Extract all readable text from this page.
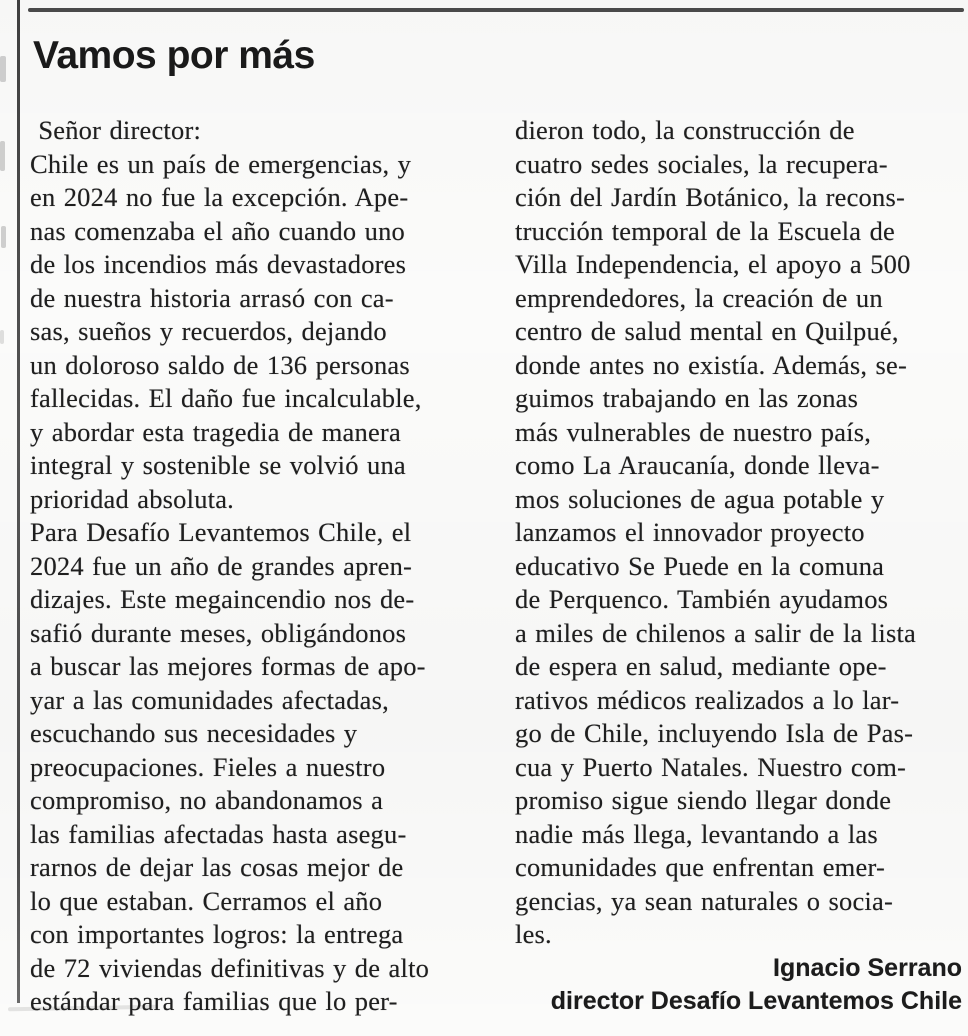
Vamos por más
Señor director:
Chile es un país de emergencias, y
en 2024 no fue la excepción. Ape-
nas comenzaba el año cuando uno
de los incendios más devastadores
de nuestra historia arrasó con ca-
sas, sueños y recuerdos, dejando
un doloroso saldo de 136 personas
fallecidas. El daño fue incalculable,
y abordar esta tragedia de manera
integral y sostenible se volvió una
prioridad absoluta.
Para Desafío Levantemos Chile, el
2024 fue un año de grandes apren-
dizajes. Este megaincendio nos de-
safió durante meses, obligándonos
a buscar las mejores formas de apo-
yar a las comunidades afectadas,
escuchando sus necesidades y
preocupaciones. Fieles a nuestro
compromiso, no abandonamos a
las familias afectadas hasta asegu-
rarnos de dejar las cosas mejor de
lo que estaban. Cerramos el año
con importantes logros: la entrega
de 72 viviendas definitivas y de alto
estándar para familias que lo per-
dieron todo, la construcción de
cuatro sedes sociales, la recupera-
ción del Jardín Botánico, la recons-
trucción temporal de la Escuela de
Villa Independencia, el apoyo a 500
emprendedores, la creación de un
centro de salud mental en Quilpué,
donde antes no existía. Además, se-
guimos trabajando en las zonas
más vulnerables de nuestro país,
como La Araucanía, donde lleva-
mos soluciones de agua potable y
lanzamos el innovador proyecto
educativo Se Puede en la comuna
de Perquenco. También ayudamos
a miles de chilenos a salir de la lista
de espera en salud, mediante ope-
rativos médicos realizados a lo lar-
go de Chile, incluyendo Isla de Pas-
cua y Puerto Natales. Nuestro com-
promiso sigue siendo llegar donde
nadie más llega, levantando a las
comunidades que enfrentan emer-
gencias, ya sean naturales o socia-
les.
Ignacio Serrano
director Desafío Levantemos Chile
